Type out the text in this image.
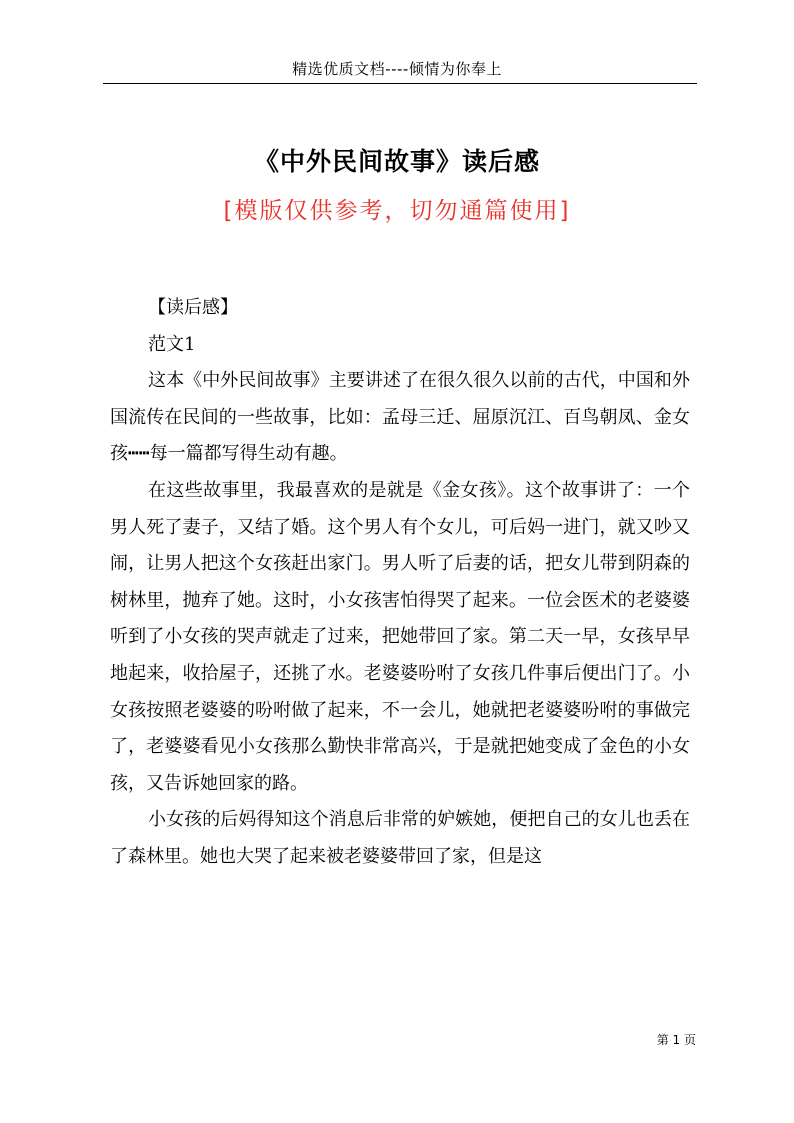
精选优质文档----倾情为你奉上
《中外民间故事》读后感
[模版仅供参考，切勿通篇使用]

【读后感】

范文1

这本《中外民间故事》主要讲述了在很久很久以前的古代，中国和外国流传在民间的一些故事，比如：孟母三迁、屈原沉江、百鸟朝凤、金女孩┅┅每一篇都写得生动有趣。

在这些故事里，我最喜欢的是就是《金女孩》。这个故事讲了：一个男人死了妻子，又结了婚。这个男人有个女儿，可后妈一进门，就又吵又闹，让男人把这个女孩赶出家门。男人听了后妻的话，把女儿带到阴森的树林里，抛弃了她。这时，小女孩害怕得哭了起来。一位会医术的老婆婆听到了小女孩的哭声就走了过来，把她带回了家。第二天一早，女孩早早地起来，收拾屋子，还挑了水。老婆婆吩咐了女孩几件事后便出门了。小女孩按照老婆婆的吩咐做了起来，不一会儿，她就把老婆婆吩咐的事做完了，老婆婆看见小女孩那么勤快非常高兴，于是就把她变成了金色的小女孩，又告诉她回家的路。

小女孩的后妈得知这个消息后非常的妒嫉她，便把自己的女儿也丢在了森林里。她也大哭了起来被老婆婆带回了家，但是这

第 1 页
